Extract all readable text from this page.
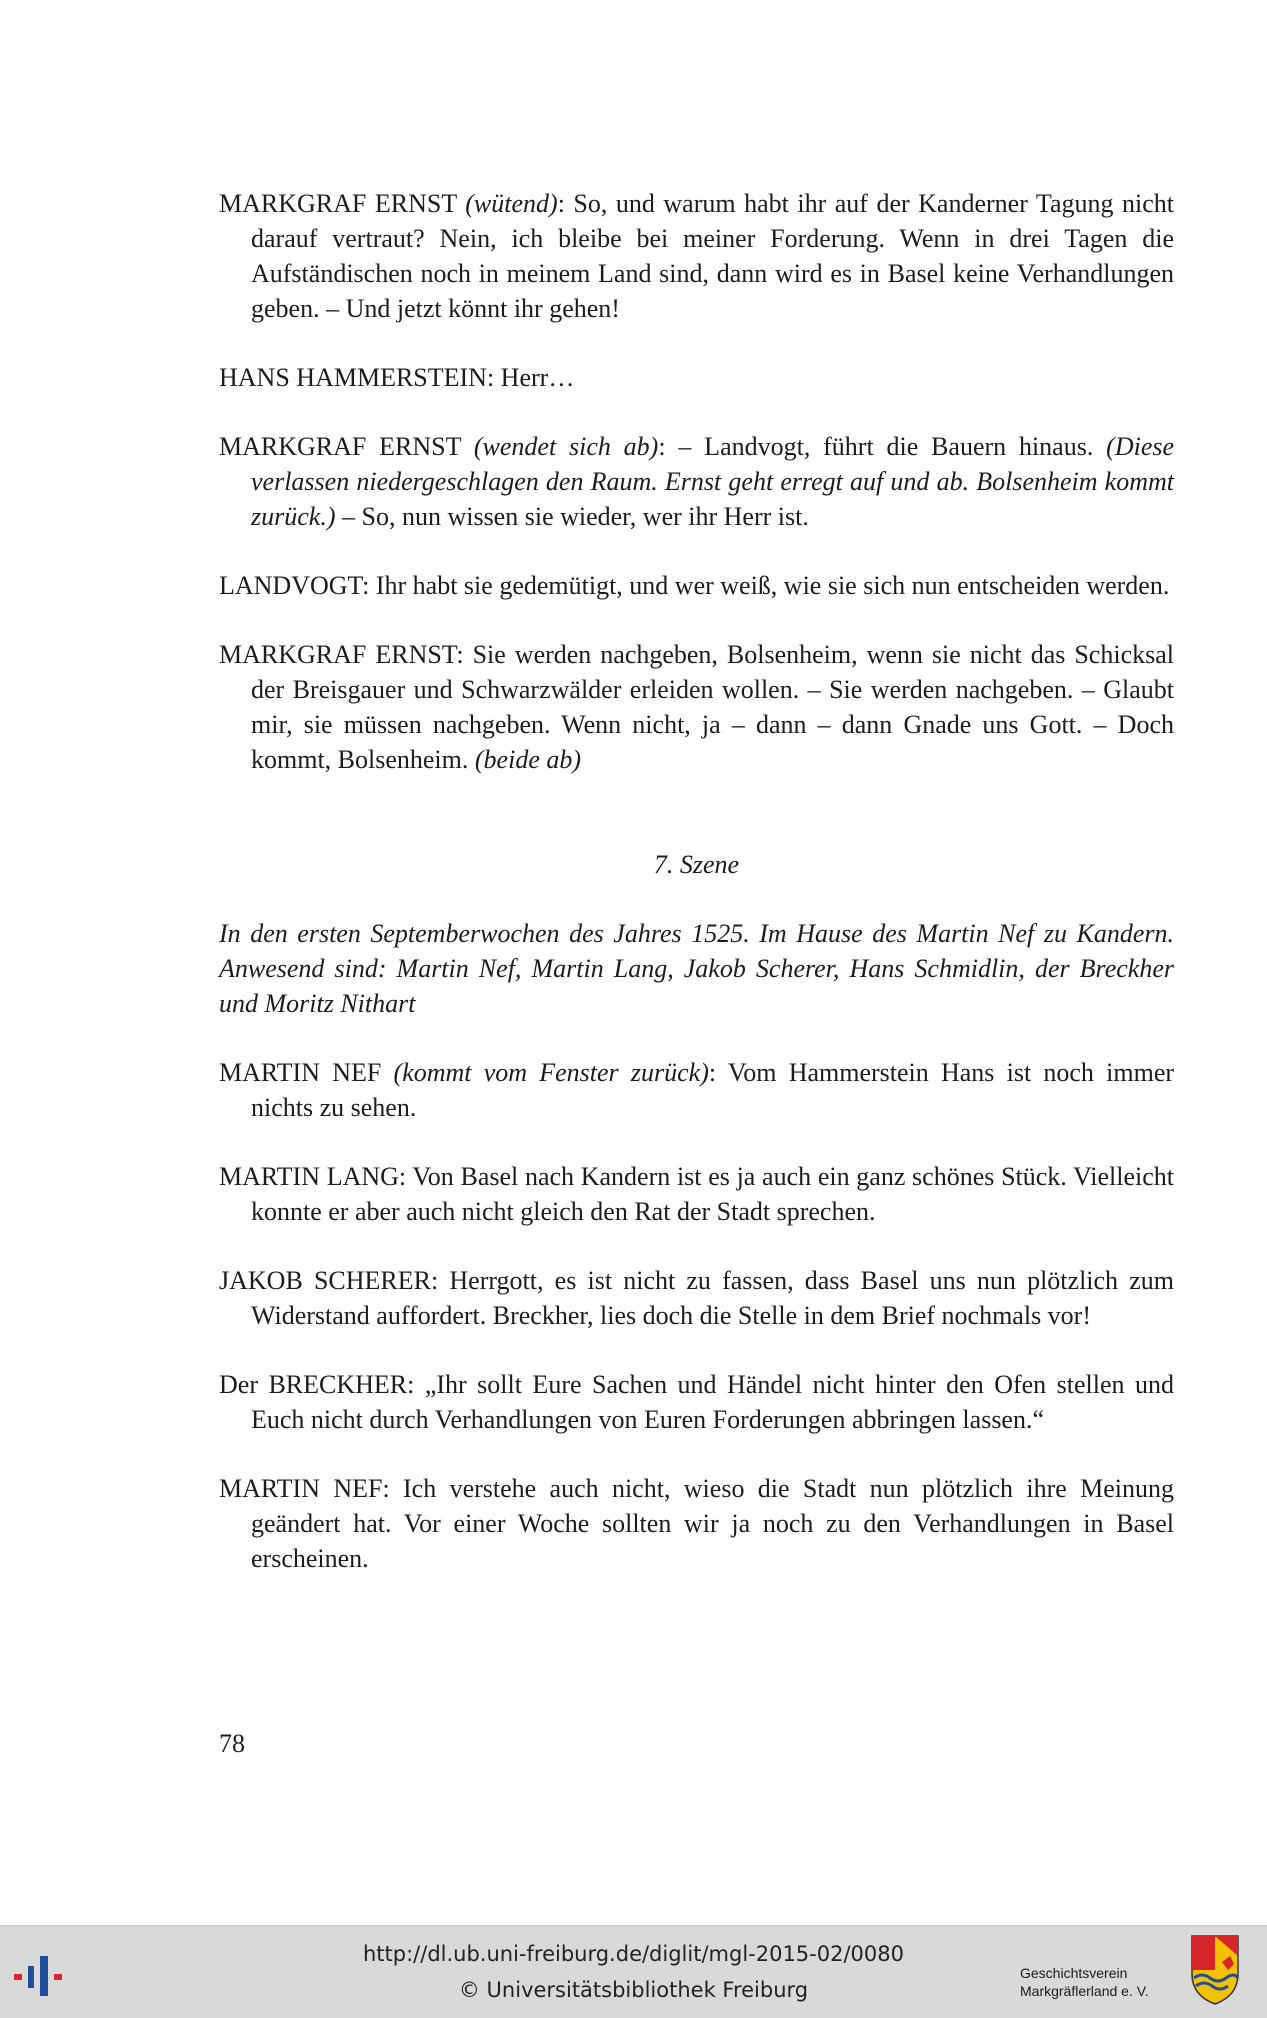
MARKGRAF ERNST (wütend): So, und warum habt ihr auf der Kanderner Tagung nicht darauf vertraut? Nein, ich bleibe bei meiner Forderung. Wenn in drei Tagen die Aufständischen noch in meinem Land sind, dann wird es in Basel keine Verhandlungen geben. – Und jetzt könnt ihr gehen!

HANS HAMMERSTEIN: Herr…

MARKGRAF ERNST (wendet sich ab): – Landvogt, führt die Bauern hinaus. (Diese verlassen niedergeschlagen den Raum. Ernst geht erregt auf und ab. Bolsenheim kommt zurück.) – So, nun wissen sie wieder, wer ihr Herr ist.

LANDVOGT: Ihr habt sie gedemütigt, und wer weiß, wie sie sich nun entscheiden werden.

MARKGRAF ERNST: Sie werden nachgeben, Bolsenheim, wenn sie nicht das Schicksal der Breisgauer und Schwarzwälder erleiden wollen. – Sie werden nachgeben. – Glaubt mir, sie müssen nachgeben. Wenn nicht, ja – dann – dann Gnade uns Gott. – Doch kommt, Bolsenheim. (beide ab)

7. Szene

In den ersten Septemberwochen des Jahres 1525. Im Hause des Martin Nef zu Kandern. Anwesend sind: Martin Nef, Martin Lang, Jakob Scherer, Hans Schmidlin, der Breckher und Moritz Nithart

MARTIN NEF (kommt vom Fenster zurück): Vom Hammerstein Hans ist noch immer nichts zu sehen.

MARTIN LANG: Von Basel nach Kandern ist es ja auch ein ganz schönes Stück. Vielleicht konnte er aber auch nicht gleich den Rat der Stadt sprechen.

JAKOB SCHERER: Herrgott, es ist nicht zu fassen, dass Basel uns nun plötzlich zum Widerstand auffordert. Breckher, lies doch die Stelle in dem Brief nochmals vor!

Der BRECKHER: „Ihr sollt Eure Sachen und Händel nicht hinter den Ofen stellen und Euch nicht durch Verhandlungen von Euren Forderungen abbringen lassen.“

MARTIN NEF: Ich verstehe auch nicht, wieso die Stadt nun plötzlich ihre Meinung geändert hat. Vor einer Woche sollten wir ja noch zu den Verhandlungen in Basel erscheinen.

78
http://dl.ub.uni-freiburg.de/diglit/mgl-2015-02/0080
© Universitätsbibliothek Freiburg
Geschichtsverein
Markgräflerland e. V.
